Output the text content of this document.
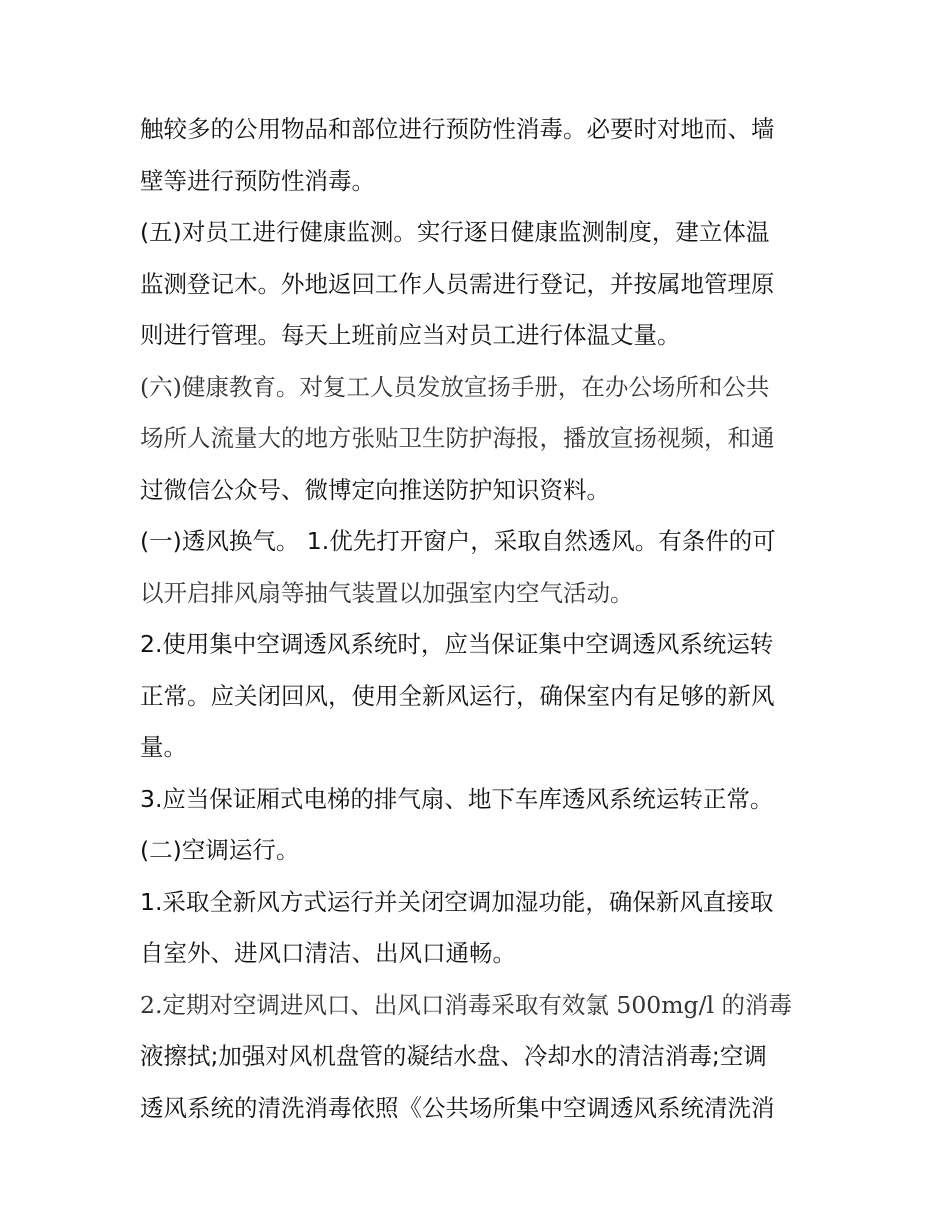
触较多的公用物品和部位进行预防性消毒。必要时对地而、墙
壁等进行预防性消毒。
(五)对员工进行健康监测。实行逐日健康监测制度，建立体温
监测登记木。外地返回工作人员需进行登记，并按属地管理原
则进行管理。每天上班前应当对员工进行体温丈量。
(六)健康教育。对复工人员发放宣扬手册，在办公场所和公共
场所人流量大的地方张贴卫生防护海报，播放宣扬视频，和通
过微信公众号、微博定向推送防护知识资料。
(一)透风换气。 1.优先打开窗户，采取自然透风。有条件的可
以开启排风扇等抽气装置以加强室内空气活动。
2.使用集中空调透风系统时，应当保证集中空调透风系统运转
正常。应关闭回风，使用全新风运行，确保室内有足够的新风
量。
3.应当保证厢式电梯的排气扇、地下车库透风系统运转正常。
(二)空调运行。
1.采取全新风方式运行并关闭空调加湿功能，确保新风直接取
自室外、进风口清洁、出风口通畅。
2.定期对空调进风口、出风口消毒采取有效氯 500mg/l 的消毒
液擦拭;加强对风机盘管的凝结水盘、冷却水的清洁消毒;空调
透风系统的清洗消毒依照《公共场所集中空调透风系统清洗消
